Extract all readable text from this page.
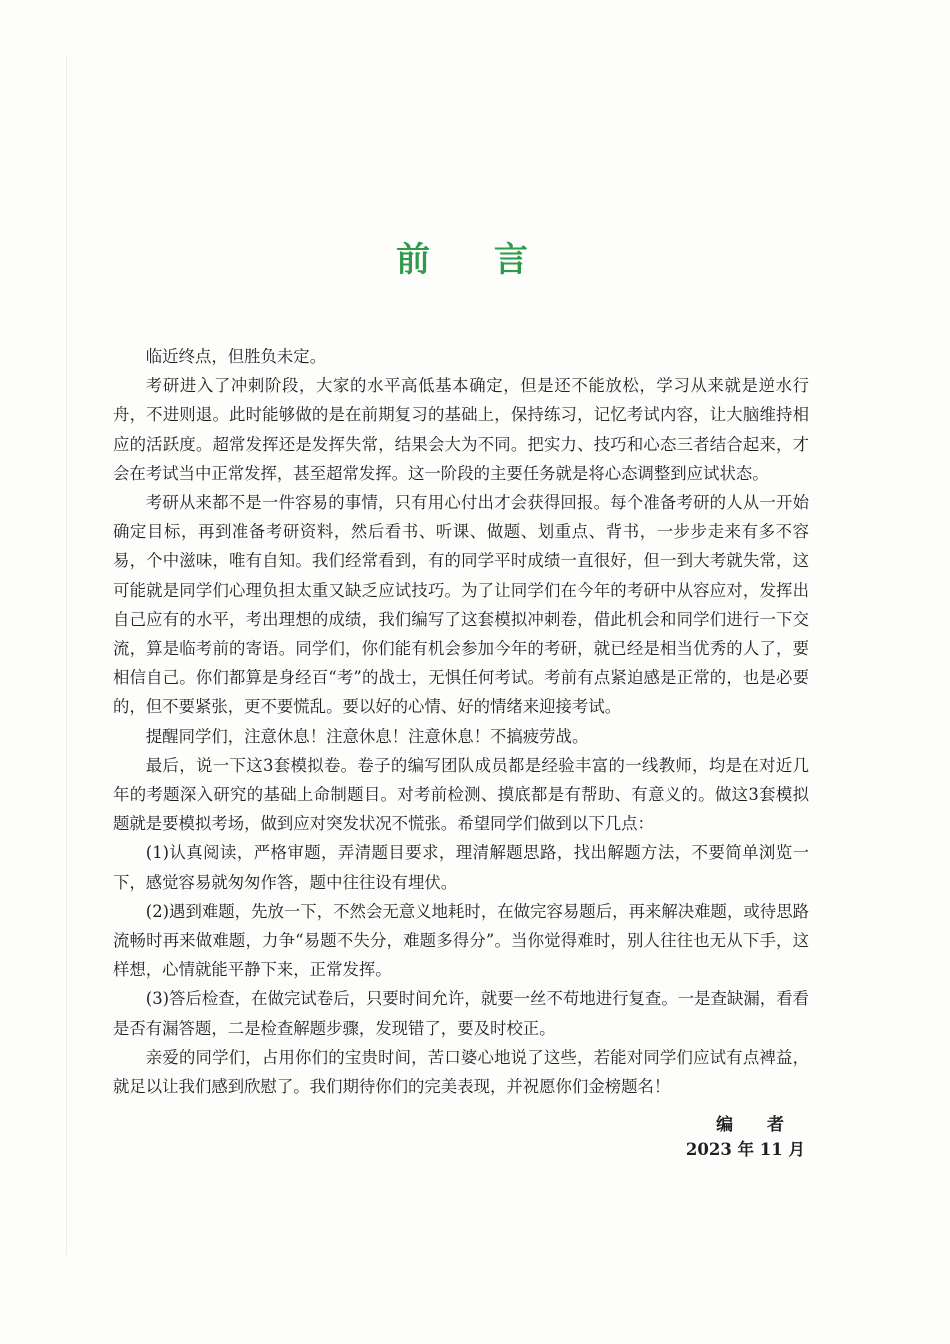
前 言

临近终点，但胜负未定。

考研进入了冲刺阶段，大家的水平高低基本确定，但是还不能放松，学习从来就是逆水行舟，不进则退。此时能够做的是在前期复习的基础上，保持练习，记忆考试内容，让大脑维持相应的活跃度。超常发挥还是发挥失常，结果会大为不同。把实力、技巧和心态三者结合起来，才会在考试当中正常发挥，甚至超常发挥。这一阶段的主要任务就是将心态调整到应试状态。

考研从来都不是一件容易的事情，只有用心付出才会获得回报。每个准备考研的人从一开始确定目标，再到准备考研资料，然后看书、听课、做题、划重点、背书，一步步走来有多不容易，个中滋味，唯有自知。我们经常看到，有的同学平时成绩一直很好，但一到大考就失常，这可能就是同学们心理负担太重又缺乏应试技巧。为了让同学们在今年的考研中从容应对，发挥出自己应有的水平，考出理想的成绩，我们编写了这套模拟冲刺卷，借此机会和同学们进行一下交流，算是临考前的寄语。同学们，你们能有机会参加今年的考研，就已经是相当优秀的人了，要相信自己。你们都算是身经百“考”的战士，无惧任何考试。考前有点紧迫感是正常的，也是必要的，但不要紧张，更不要慌乱。要以好的心情、好的情绪来迎接考试。

提醒同学们，注意休息！注意休息！注意休息！不搞疲劳战。

最后，说一下这3套模拟卷。卷子的编写团队成员都是经验丰富的一线教师，均是在对近几年的考题深入研究的基础上命制题目。对考前检测、摸底都是有帮助、有意义的。做这3套模拟题就是要模拟考场，做到应对突发状况不慌张。希望同学们做到以下几点：

(1)认真阅读，严格审题，弄清题目要求，理清解题思路，找出解题方法，不要简单浏览一下，感觉容易就匆匆作答，题中往往设有埋伏。

(2)遇到难题，先放一下，不然会无意义地耗时，在做完容易题后，再来解决难题，或待思路流畅时再来做难题，力争“易题不失分，难题多得分”。当你觉得难时，别人往往也无从下手，这样想，心情就能平静下来，正常发挥。

(3)答后检查，在做完试卷后，只要时间允许，就要一丝不苟地进行复查。一是查缺漏，看看是否有漏答题，二是检查解题步骤，发现错了，要及时校正。

亲爱的同学们，占用你们的宝贵时间，苦口婆心地说了这些，若能对同学们应试有点裨益，就足以让我们感到欣慰了。我们期待你们的完美表现，并祝愿你们金榜题名！

编 者
2023 年 11 月
